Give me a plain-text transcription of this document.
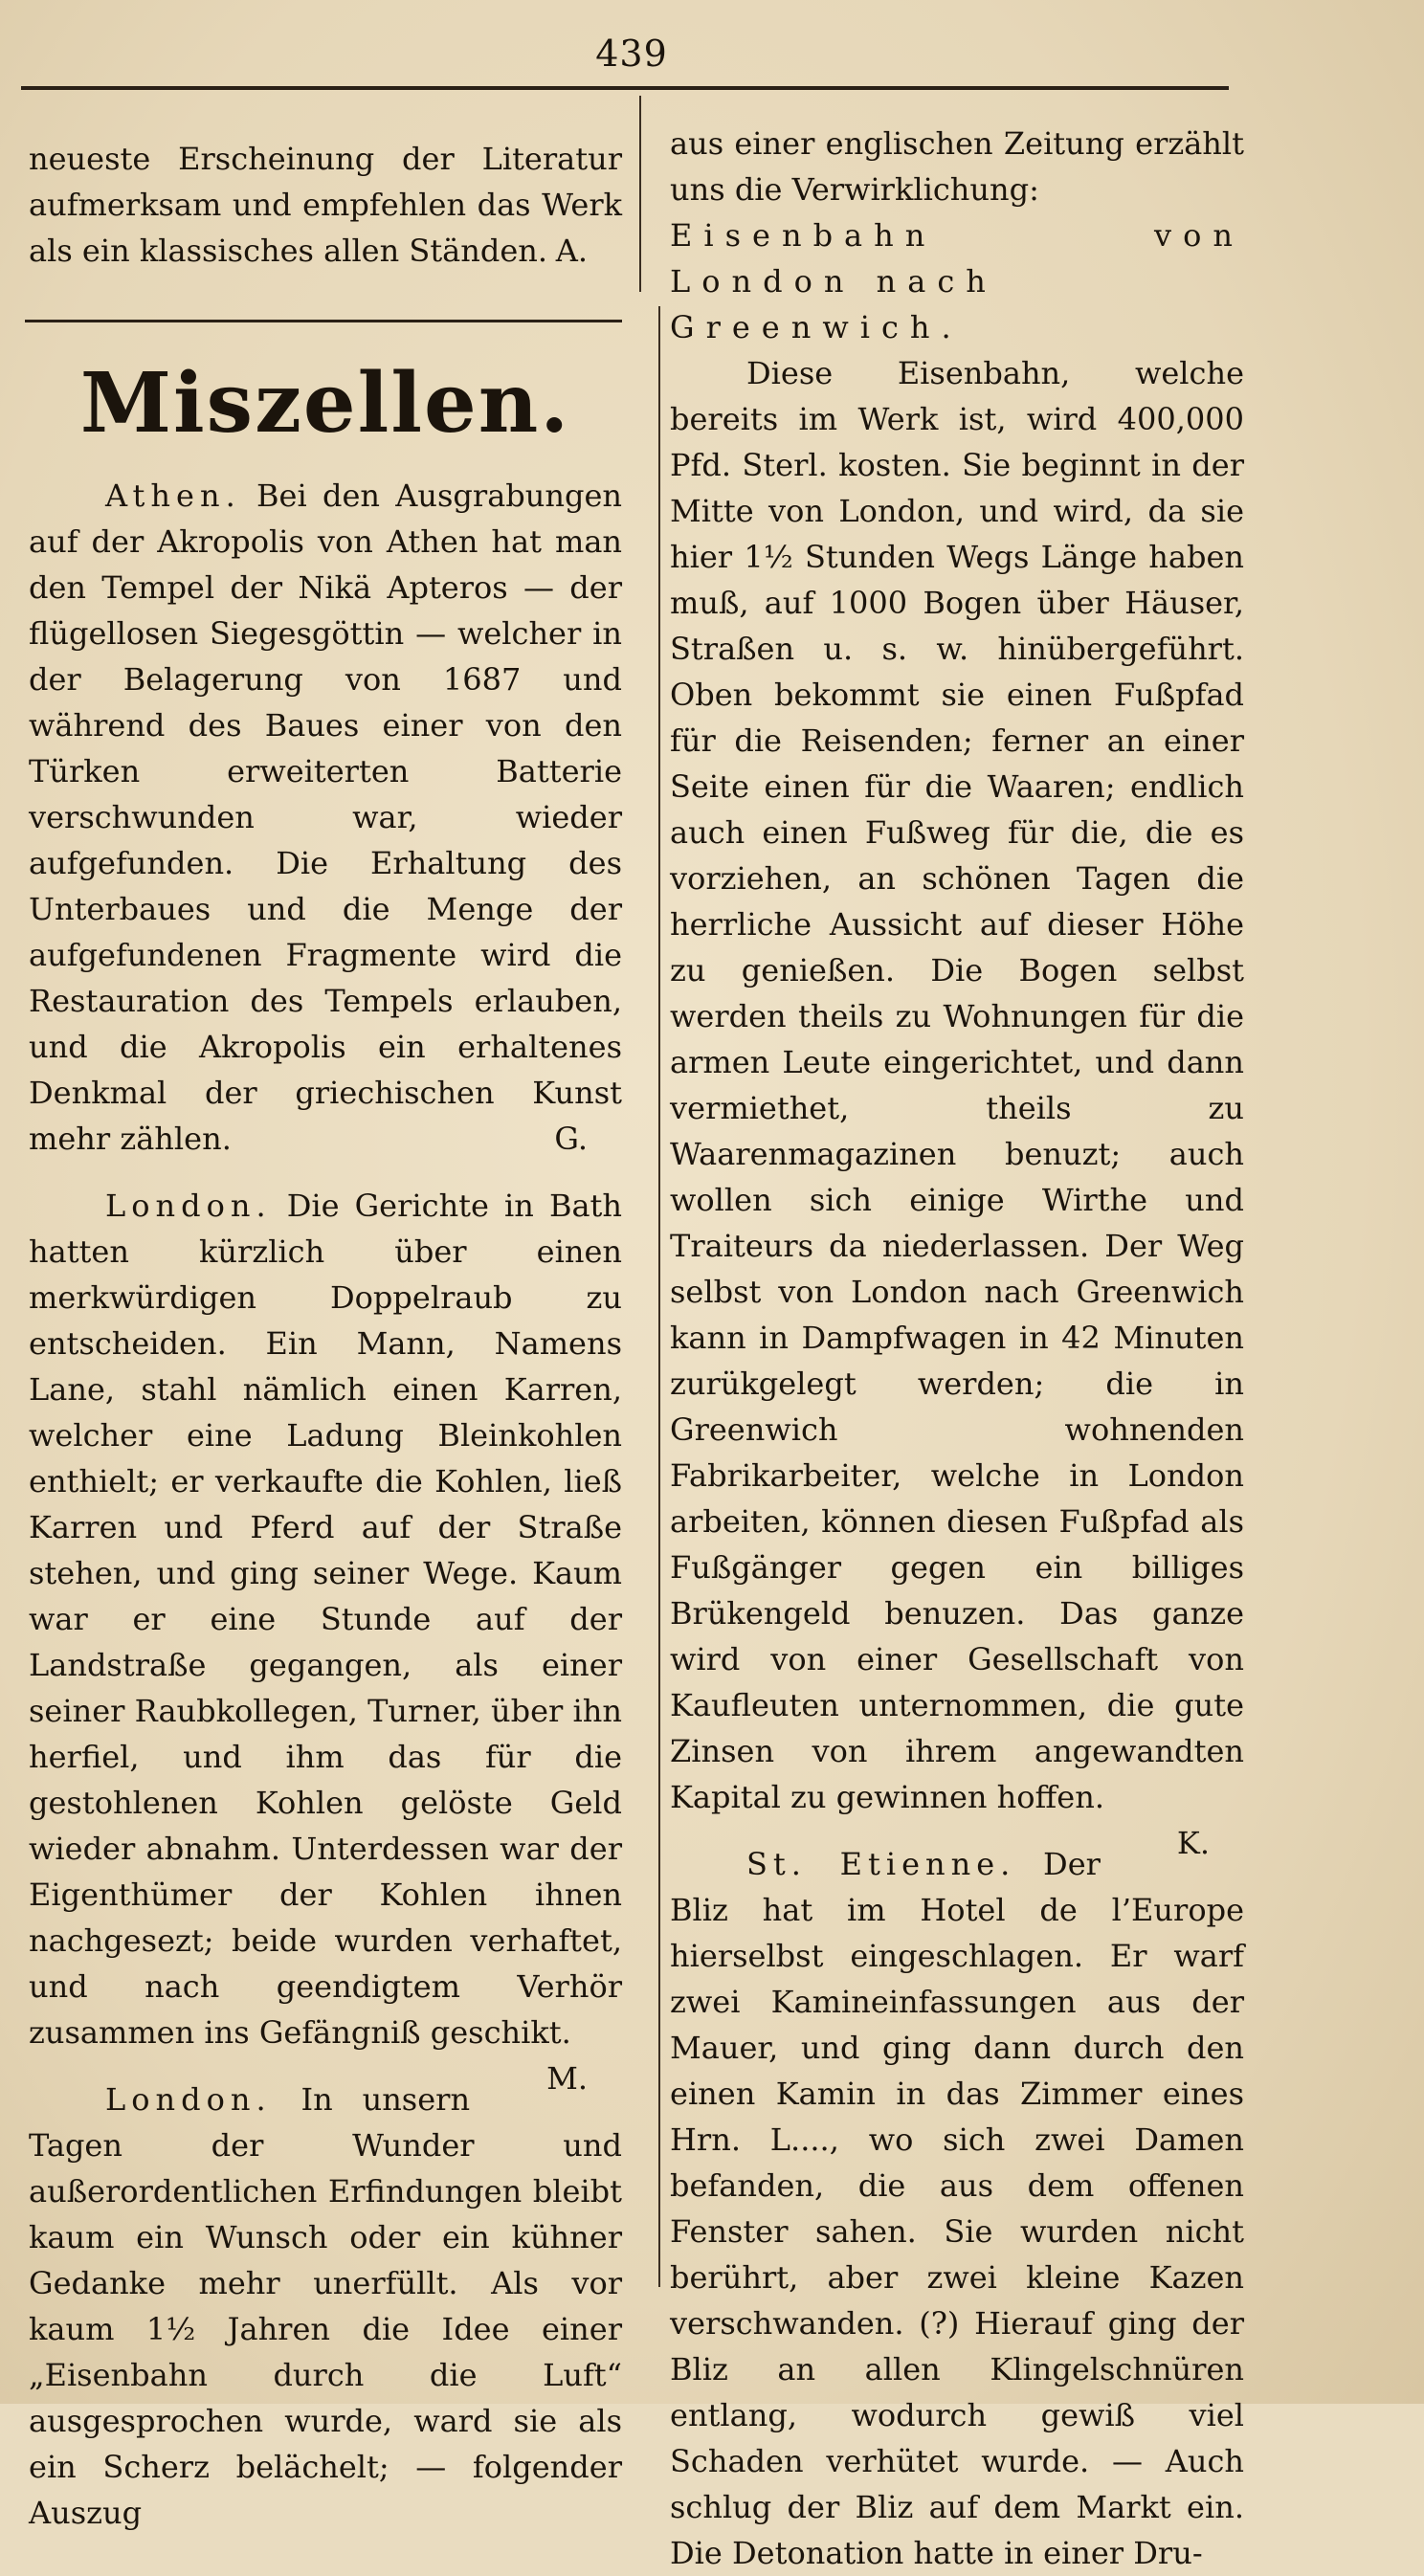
439

neueste Erscheinung der Literatur aufmerksam und empfehlen das Werk als ein klassisches allen Ständen. A.

Miszellen.

Athen. Bei den Ausgrabungen auf der Akropolis von Athen hat man den Tempel der Nikä Apteros — der flügellosen Siegesgöttin — welcher in der Belagerung von 1687 und während des Baues einer von den Türken erweiterten Batterie verschwunden war, wieder aufgefunden. Die Erhaltung des Unterbaues und die Menge der aufgefundenen Fragmente wird die Restauration des Tempels erlauben, und die Akropolis ein erhaltenes Denkmal der griechischen Kunst mehr zählen.	G.

London. Die Gerichte in Bath hatten kürzlich über einen merkwürdigen Doppelraub zu entscheiden. Ein Mann, Namens Lane, stahl nämlich einen Karren, welcher eine Ladung Bleinkohlen enthielt; er verkaufte die Kohlen, ließ Karren und Pferd auf der Straße stehen, und ging seiner Wege. Kaum war er eine Stunde auf der Landstraße gegangen, als einer seiner Raubkollegen, Turner, über ihn herfiel, und ihm das für die gestohlenen Kohlen gelöste Geld wieder abnahm. Unterdessen war der Eigenthümer der Kohlen ihnen nachgesezt; beide wurden verhaftet, und nach geendigtem Verhör zusammen ins Gefängniß geschikt.
M.

London. In unsern Tagen der Wunder und außerordentlichen Erfindungen bleibt kaum ein Wunsch oder ein kühner Gedanke mehr unerfüllt. Als vor kaum 1½ Jahren die Idee einer „Eisenbahn durch die Luft“ ausgesprochen wurde, ward sie als ein Scherz belächelt; — folgender Auszug

aus einer englischen Zeitung erzählt uns die Verwirklichung:

Eisenbahn von London nach

Greenwich.

Diese Eisenbahn, welche bereits im Werk ist, wird 400,000 Pfd. Sterl. kosten. Sie beginnt in der Mitte von London, und wird, da sie hier 1½ Stunden Wegs Länge haben muß, auf 1000 Bogen über Häuser, Straßen u. s. w. hinübergeführt. Oben bekommt sie einen Fußpfad für die Reisenden; ferner an einer Seite einen für die Waaren; endlich auch einen Fußweg für die, die es vorziehen, an schönen Tagen die herrliche Aussicht auf dieser Höhe zu genießen. Die Bogen selbst werden theils zu Wohnungen für die armen Leute eingerichtet, und dann vermiethet, theils zu Waarenmagazinen benuzt; auch wollen sich einige Wirthe und Traiteurs da niederlassen. Der Weg selbst von London nach Greenwich kann in Dampfwagen in 42 Minuten zurükgelegt werden; die in Greenwich wohnenden Fabrikarbeiter, welche in London arbeiten, können diesen Fußpfad als Fußgänger gegen ein billiges Brükengeld benuzen. Das ganze wird von einer Gesellschaft von Kaufleuten unternommen, die gute Zinsen von ihrem angewandten Kapital zu gewinnen hoffen.
K.

St. Etienne. Der Bliz hat im Hotel de l’Europe hierselbst eingeschlagen. Er warf zwei Kamineinfassungen aus der Mauer, und ging dann durch den einen Kamin in das Zimmer eines Hrn. L...., wo sich zwei Damen befanden, die aus dem offenen Fenster sahen. Sie wurden nicht berührt, aber zwei kleine Kazen verschwanden. (?) Hierauf ging der Bliz an allen Klingelschnüren entlang, wodurch gewiß viel Schaden verhütet wurde. — Auch schlug der Bliz auf dem Markt ein. Die Detonation hatte in einer Dru-
